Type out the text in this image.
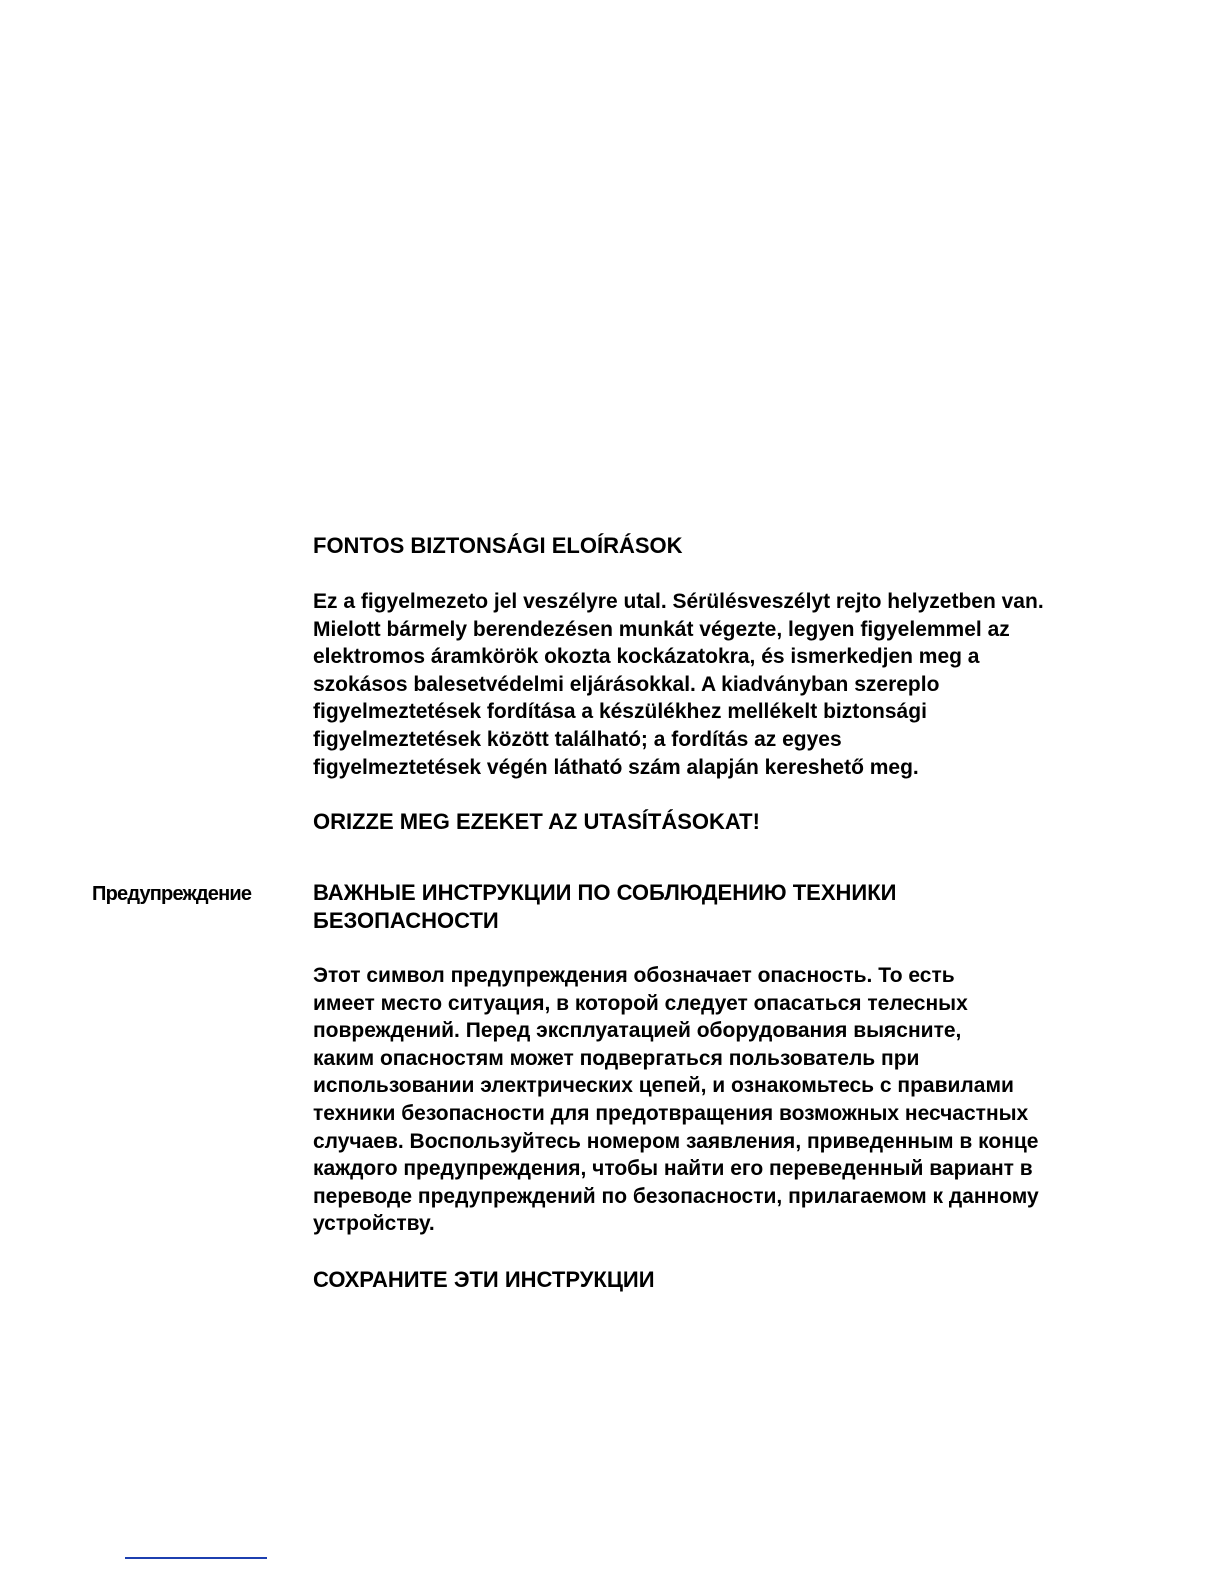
FONTOS BIZTONSÁGI ELOÍRÁSOK

Ez a figyelmezeto jel veszélyre utal. Sérülésveszélyt rejto helyzetben van.
Mielott bármely berendezésen munkát végezte, legyen figyelemmel az
elektromos áramkörök okozta kockázatokra, és ismerkedjen meg a
szokásos balesetvédelmi eljárásokkal. A kiadványban szereplo
figyelmeztetések fordítása a készülékhez mellékelt biztonsági
figyelmeztetések között található; a fordítás az egyes
figyelmeztetések végén látható szám alapján kereshető meg.

ORIZZE MEG EZEKET AZ UTASÍTÁSOKAT!

Предупреждение	ВАЖНЫЕ ИНСТРУКЦИИ ПО СОБЛЮДЕНИЮ ТЕХНИКИ
БЕЗОПАСНОСТИ

Этот символ предупреждения обозначает опасность. То есть
имеет место ситуация, в которой следует опасаться телесных
повреждений. Перед эксплуатацией оборудования выясните,
каким опасностям может подвергаться пользователь при
использовании электрических цепей, и ознакомьтесь с правилами
техники безопасности для предотвращения возможных несчастных
случаев. Воспользуйтесь номером заявления, приведенным в конце
каждого предупреждения, чтобы найти его переведенный вариант в
переводе предупреждений по безопасности, прилагаемом к данному
устройству.

СОХРАНИТЕ ЭТИ ИНСТРУКЦИИ
